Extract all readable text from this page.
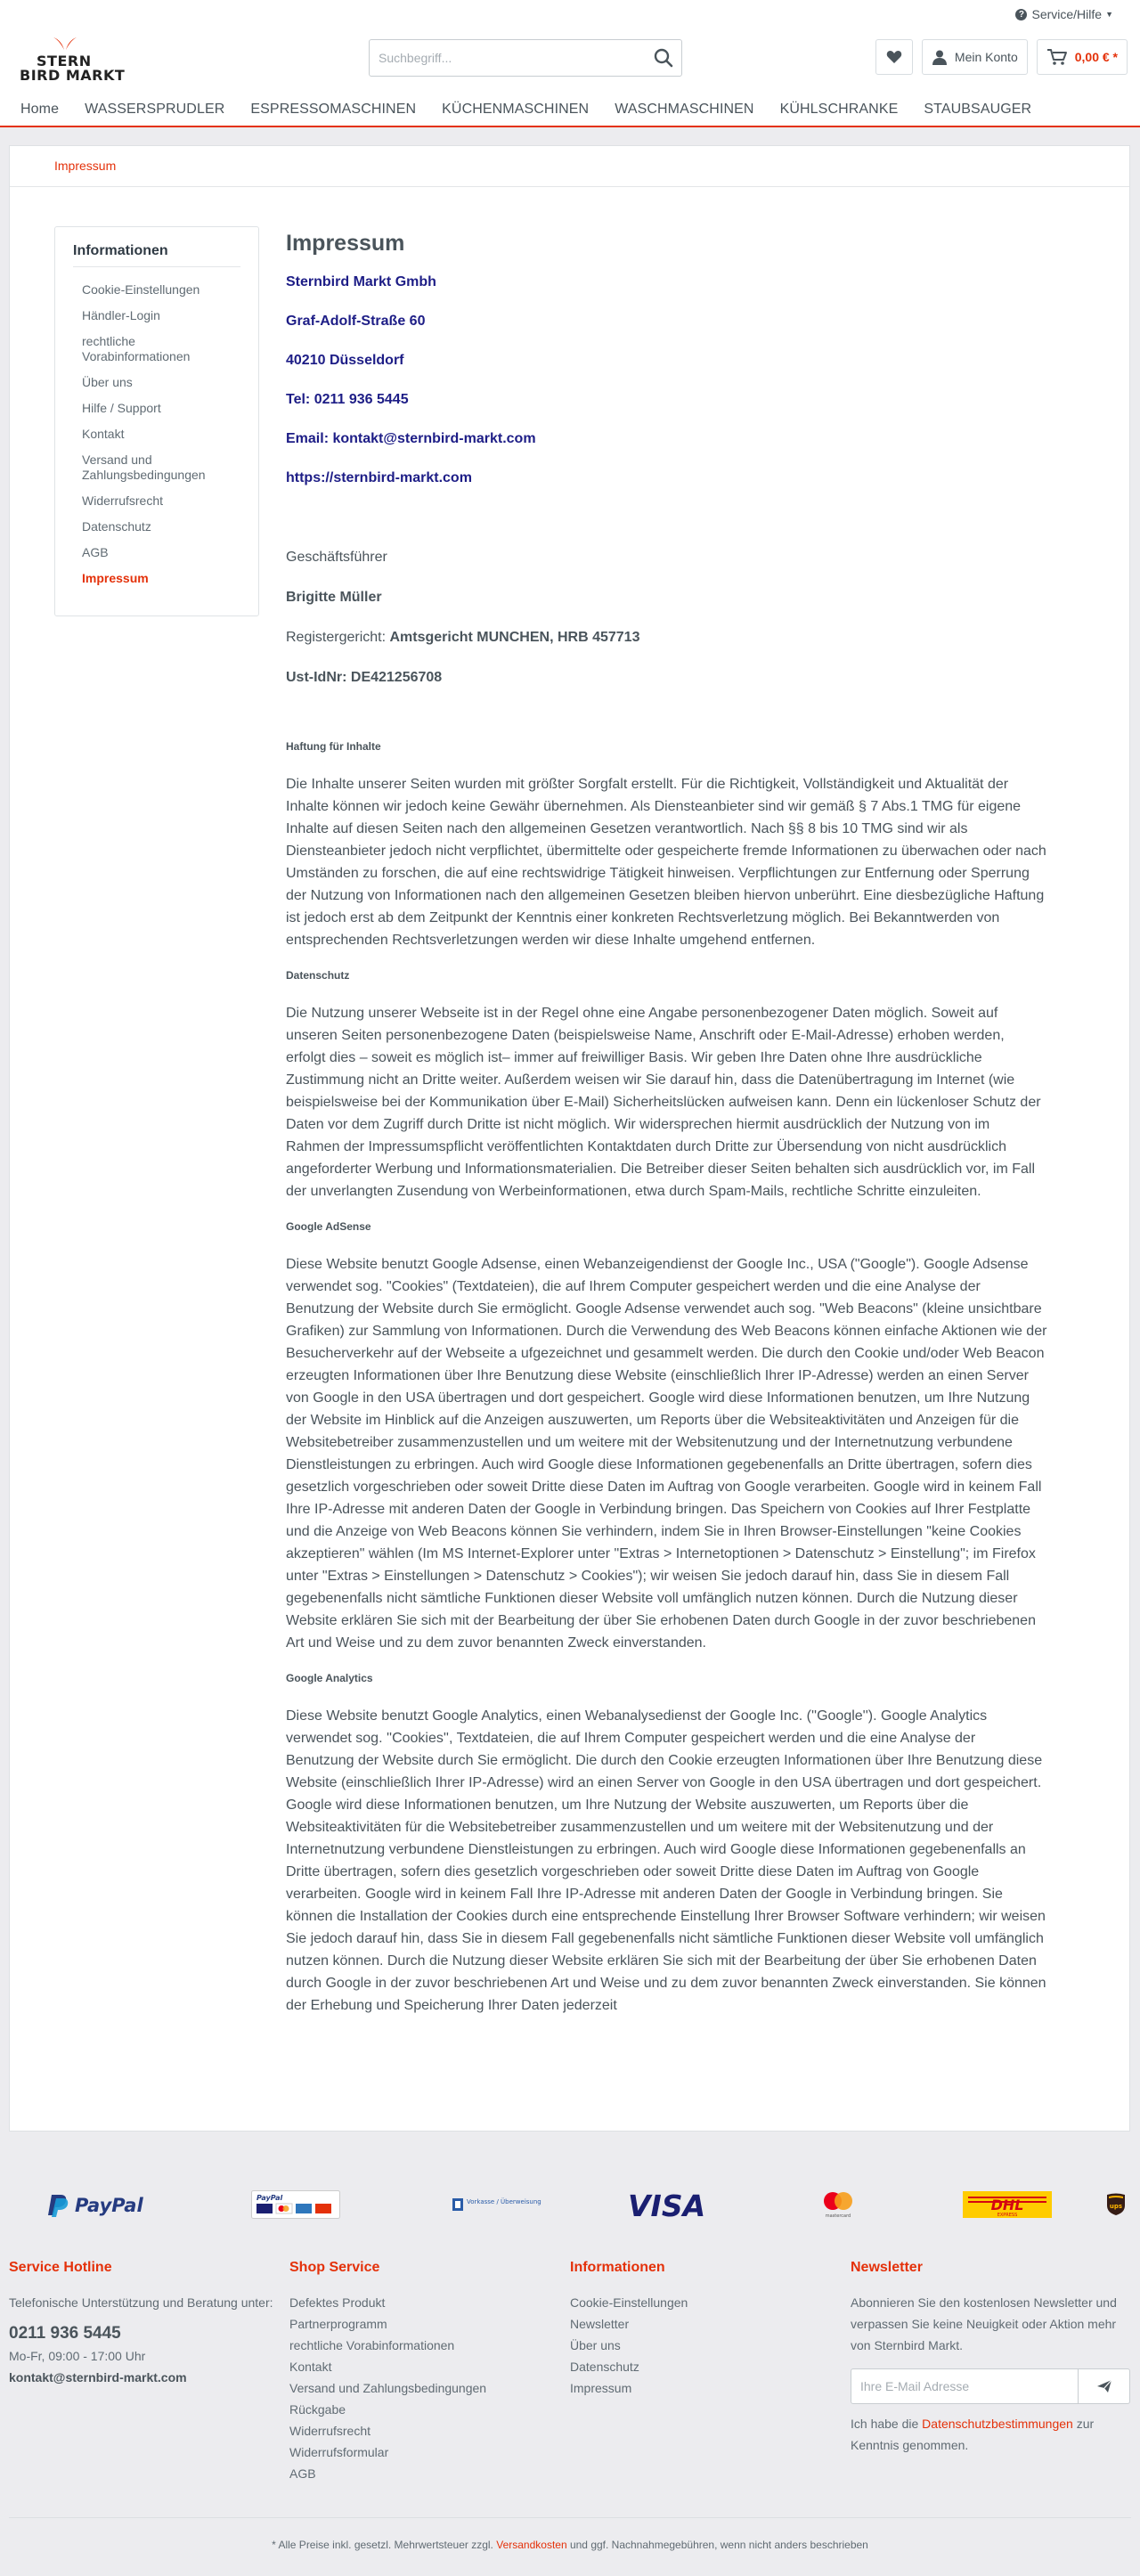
? Service/Hilfe ▼
STERN
BIRD MARKT
Suchbegriff...
Mein Konto	0,00 € *
Home	WASSERSPRUDLER	ESPRESSOMASCHINEN	KÜCHENMASCHINEN	WASCHMASCHINEN	KÜHLSCHRANKE	STAUBSAUGER
Impressum
Informationen
Cookie-Einstellungen
Händler-Login
rechtliche Vorabinformationen
Über uns
Hilfe / Support
Kontakt
Versand und Zahlungsbedingungen
Widerrufsrecht
Datenschutz
AGB
Impressum
Impressum

Sternbird Markt Gmbh

Graf-Adolf-Straße 60

40210 Düsseldorf

Tel: 0211 936 5445

Email: kontakt@sternbird-markt.com

https://sternbird-markt.com

Geschäftsführer

Brigitte Müller

Registergericht: Amtsgericht MUNCHEN, HRB 457713

Ust-IdNr: DE421256708

Haftung für Inhalte

Die Inhalte unserer Seiten wurden mit größter Sorgfalt erstellt. Für die Richtigkeit, Vollständigkeit und Aktualität der Inhalte können wir jedoch keine Gewähr übernehmen. Als Diensteanbieter sind wir gemäß § 7 Abs.1 TMG für eigene Inhalte auf diesen Seiten nach den allgemeinen Gesetzen verantwortlich. Nach §§ 8 bis 10 TMG sind wir als Diensteanbieter jedoch nicht verpflichtet, übermittelte oder gespeicherte fremde Informationen zu überwachen oder nach Umständen zu forschen, die auf eine rechtswidrige Tätigkeit hinweisen. Verpflichtungen zur Entfernung oder Sperrung der Nutzung von Informationen nach den allgemeinen Gesetzen bleiben hiervon unberührt. Eine diesbezügliche Haftung ist jedoch erst ab dem Zeitpunkt der Kenntnis einer konkreten Rechtsverletzung möglich. Bei Bekanntwerden von entsprechenden Rechtsverletzungen werden wir diese Inhalte umgehend entfernen.

Datenschutz

Die Nutzung unserer Webseite ist in der Regel ohne eine Angabe personenbezogener Daten möglich. Soweit auf unseren Seiten personenbezogene Daten (beispielsweise Name, Anschrift oder E-Mail-Adresse) erhoben werden, erfolgt dies – soweit es möglich ist– immer auf freiwilliger Basis. Wir geben Ihre Daten ohne Ihre ausdrückliche Zustimmung nicht an Dritte weiter. Außerdem weisen wir Sie darauf hin, dass die Datenübertragung im Internet (wie beispielsweise bei der Kommunikation über E-Mail) Sicherheitslücken aufweisen kann. Denn ein lückenloser Schutz der Daten vor dem Zugriff durch Dritte ist nicht möglich. Wir widersprechen hiermit ausdrücklich der Nutzung von im Rahmen der Impressumspflicht veröffentlichten Kontaktdaten durch Dritte zur Übersendung von nicht ausdrücklich angeforderter Werbung und Informationsmaterialien. Die Betreiber dieser Seiten behalten sich ausdrücklich vor, im Fall der unverlangten Zusendung von Werbeinformationen, etwa durch Spam-Mails, rechtliche Schritte einzuleiten.

Google AdSense

Diese Website benutzt Google Adsense, einen Webanzeigendienst der Google Inc., USA ("Google"). Google Adsense verwendet sog. "Cookies" (Textdateien), die auf Ihrem Computer gespeichert werden und die eine Analyse der Benutzung der Website durch Sie ermöglicht. Google Adsense verwendet auch sog. "Web Beacons" (kleine unsichtbare Grafiken) zur Sammlung von Informationen. Durch die Verwendung des Web Beacons können einfache Aktionen wie der Besucherverkehr auf der Webseite a ufgezeichnet und gesammelt werden. Die durch den Cookie und/oder Web Beacon erzeugten Informationen über Ihre Benutzung diese Website (einschließlich Ihrer IP-Adresse) werden an einen Server von Google in den USA übertragen und dort gespeichert. Google wird diese Informationen benutzen, um Ihre Nutzung der Website im Hinblick auf die Anzeigen auszuwerten, um Reports über die Websiteaktivitäten und Anzeigen für die Websitebetreiber zusammenzustellen und um weitere mit der Websitenutzung und der Internetnutzung verbundene Dienstleistungen zu erbringen. Auch wird Google diese Informationen gegebenenfalls an Dritte übertragen, sofern dies gesetzlich vorgeschrieben oder soweit Dritte diese Daten im Auftrag von Google verarbeiten. Google wird in keinem Fall Ihre IP-Adresse mit anderen Daten der Google in Verbindung bringen. Das Speichern von Cookies auf Ihrer Festplatte und die Anzeige von Web Beacons können Sie verhindern, indem Sie in Ihren Browser-Einstellungen "keine Cookies akzeptieren" wählen (Im MS Internet-Explorer unter "Extras > Internetoptionen > Datenschutz > Einstellung"; im Firefox unter "Extras > Einstellungen > Datenschutz > Cookies"); wir weisen Sie jedoch darauf hin, dass Sie in diesem Fall gegebenenfalls nicht sämtliche Funktionen dieser Website voll umfänglich nutzen können. Durch die Nutzung dieser Website erklären Sie sich mit der Bearbeitung der über Sie erhobenen Daten durch Google in der zuvor beschriebenen Art und Weise und zu dem zuvor benannten Zweck einverstanden.

Google Analytics

Diese Website benutzt Google Analytics, einen Webanalysedienst der Google Inc. (''Google''). Google Analytics verwendet sog. ''Cookies'', Textdateien, die auf Ihrem Computer gespeichert werden und die eine Analyse der Benutzung der Website durch Sie ermöglicht. Die durch den Cookie erzeugten Informationen über Ihre Benutzung diese Website (einschließlich Ihrer IP-Adresse) wird an einen Server von Google in den USA übertragen und dort gespeichert. Google wird diese Informationen benutzen, um Ihre Nutzung der Website auszuwerten, um Reports über die Websiteaktivitäten für die Websitebetreiber zusammenzustellen und um weitere mit der Websitenutzung und der Internetnutzung verbundene Dienstleistungen zu erbringen. Auch wird Google diese Informationen gegebenenfalls an Dritte übertragen, sofern dies gesetzlich vorgeschrieben oder soweit Dritte diese Daten im Auftrag von Google verarbeiten. Google wird in keinem Fall Ihre IP-Adresse mit anderen Daten der Google in Verbindung bringen. Sie können die Installation der Cookies durch eine entsprechende Einstellung Ihrer Browser Software verhindern; wir weisen Sie jedoch darauf hin, dass Sie in diesem Fall gegebenenfalls nicht sämtliche Funktionen dieser Website voll umfänglich nutzen können. Durch die Nutzung dieser Website erklären Sie sich mit der Bearbeitung der über Sie erhobenen Daten durch Google in der zuvor beschriebenen Art und Weise und zu dem zuvor benannten Zweck einverstanden. Sie können der Erhebung und Speicherung Ihrer Daten jederzeit

PayPal	PayPal	Vorkasse / Überweisung	VISA	mastercard
DHL
EXPRESS
ups
Service Hotline

Telefonische Unterstützung und Beratung unter:

0211 936 5445

Mo-Fr, 09:00 - 17:00 Uhr

kontakt@sternbird-markt.com
Shop Service
Defektes Produkt
Partnerprogramm
rechtliche Vorabinformationen
Kontakt
Versand und Zahlungsbedingungen
Rückgabe
Widerrufsrecht
Widerrufsformular
AGB
Informationen
Cookie-Einstellungen
Newsletter
Über uns
Datenschutz
Impressum
Newsletter

Abonnieren Sie den kostenlosen Newsletter und verpassen Sie keine Neuigkeit oder Aktion mehr von Sternbird Markt.

Ihre E-Mail Adresse

Ich habe die Datenschutzbestimmungen zur Kenntnis genommen.

* Alle Preise inkl. gesetzl. Mehrwertsteuer zzgl. Versandkosten und ggf. Nachnahmegebühren, wenn nicht anders beschrieben
